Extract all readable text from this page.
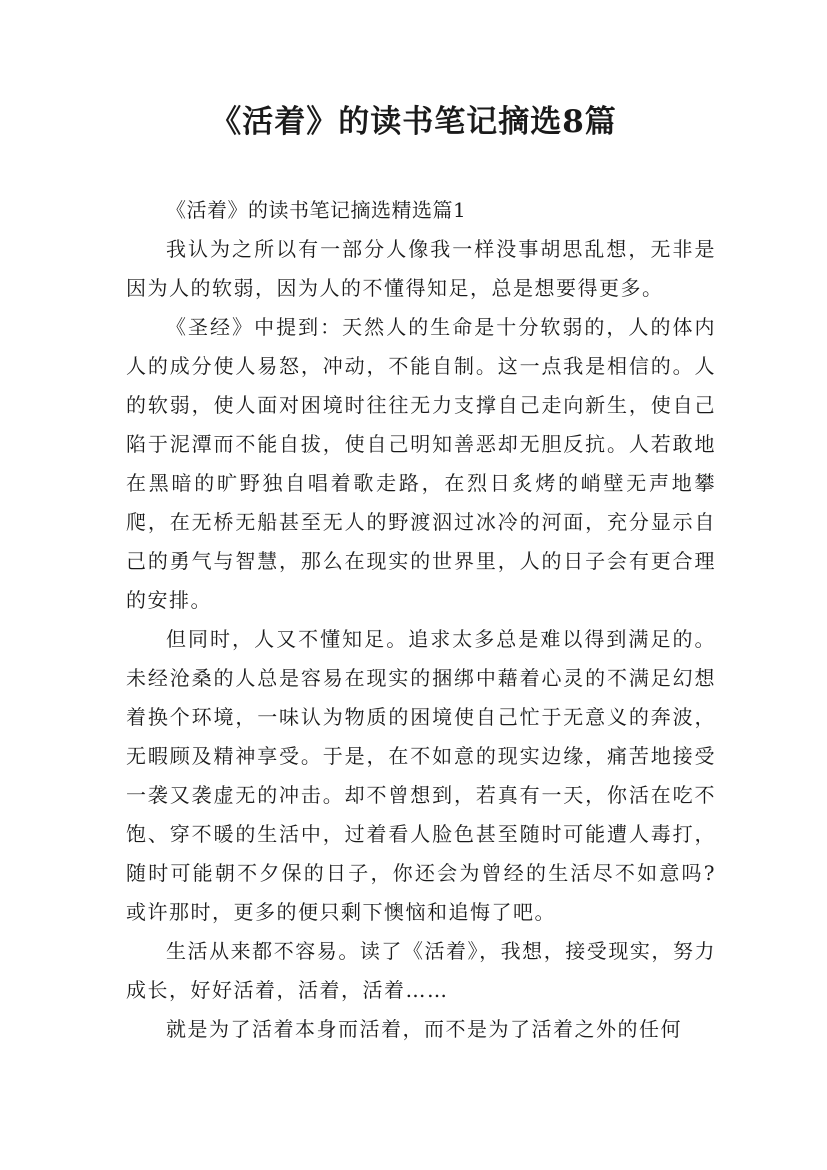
《活着》的读书笔记摘选8篇

《活着》的读书笔记摘选精选篇1

我认为之所以有一部分人像我一样没事胡思乱想，无非是因为人的软弱，因为人的不懂得知足，总是想要得更多。

《圣经》中提到：天然人的生命是十分软弱的，人的体内人的成分使人易怒，冲动，不能自制。这一点我是相信的。人的软弱，使人面对困境时往往无力支撑自己走向新生，使自己陷于泥潭而不能自拔，使自己明知善恶却无胆反抗。人若敢地在黑暗的旷野独自唱着歌走路，在烈日炙烤的峭壁无声地攀爬，在无桥无船甚至无人的野渡泅过冰冷的河面，充分显示自己的勇气与智慧，那么在现实的世界里，人的日子会有更合理的安排。

但同时，人又不懂知足。追求太多总是难以得到满足的。未经沧桑的人总是容易在现实的捆绑中藉着心灵的不满足幻想着换个环境，一味认为物质的困境使自己忙于无意义的奔波，无暇顾及精神享受。于是，在不如意的现实边缘，痛苦地接受一袭又袭虚无的冲击。却不曾想到，若真有一天，你活在吃不饱、穿不暖的生活中，过着看人脸色甚至随时可能遭人毒打，随时可能朝不夕保的日子，你还会为曾经的生活尽不如意吗?或许那时，更多的便只剩下懊恼和追悔了吧。

生活从来都不容易。读了《活着》，我想，接受现实，努力成长，好好活着，活着，活着……

就是为了活着本身而活着，而不是为了活着之外的任何
